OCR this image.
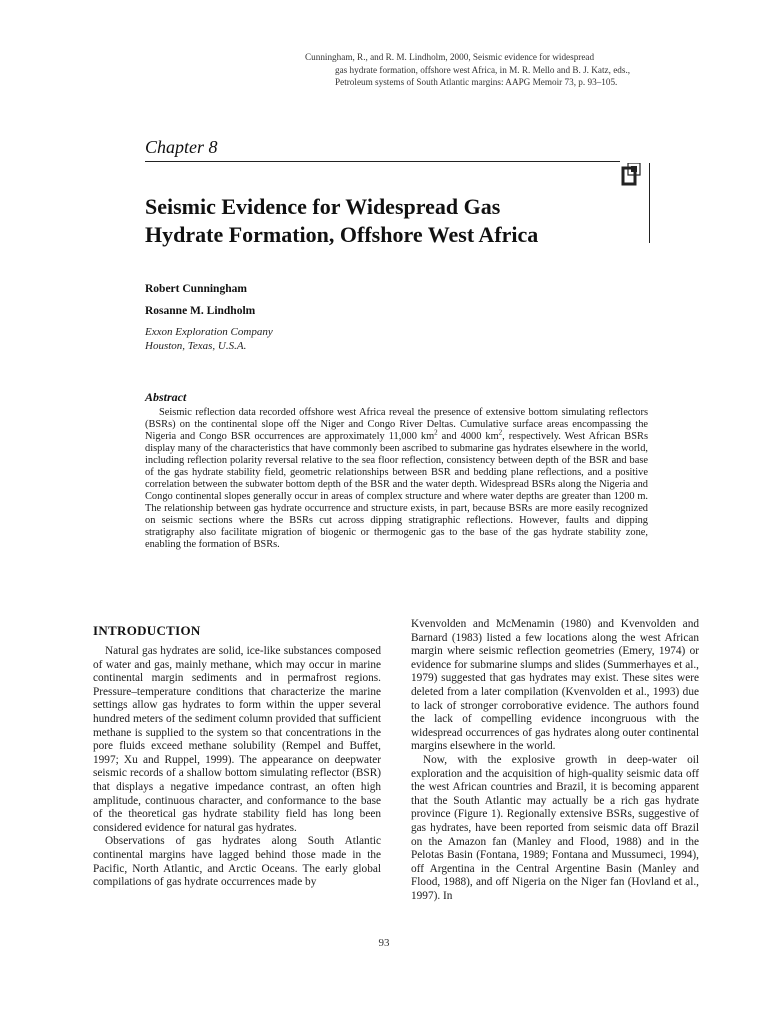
Cunningham, R., and R. M. Lindholm, 2000, Seismic evidence for widespread
gas hydrate formation, offshore west Africa, in M. R. Mello and B. J. Katz, eds.,
Petroleum systems of South Atlantic margins: AAPG Memoir 73, p. 93–105.
Chapter 8
Seismic Evidence for Widespread Gas
Hydrate Formation, Offshore West Africa
Robert Cunningham
Rosanne M. Lindholm
Exxon Exploration Company
Houston, Texas, U.S.A.
Abstract
Seismic reflection data recorded offshore west Africa reveal the presence of extensive bottom simulating reflectors (BSRs) on the continental slope off the Niger and Congo River Deltas. Cumulative surface areas encompassing the Nigeria and Congo BSR occurrences are approximately 11,000 $km^2$ and 4000 $km^2$, respectively. West African BSRs display many of the characteristics that have commonly been ascribed to submarine gas hydrates elsewhere in the world, including reflection polarity reversal relative to the sea floor reflection, consistency between depth of the BSR and base of the gas hydrate stability field, geometric relationships between BSR and bedding plane reflections, and a positive correlation between the subwater bottom depth of the BSR and the water depth. Widespread BSRs along the Nigeria and Congo continental slopes generally occur in areas of complex structure and where water depths are greater than 1200 m. The relationship between gas hydrate occurrence and structure exists, in part, because BSRs are more easily recognized on seismic sections where the BSRs cut across dipping stratigraphic reflections. However, faults and dipping stratigraphy also facilitate migration of biogenic or thermogenic gas to the base of the gas hydrate stability zone, enabling the formation of BSRs.
INTRODUCTION

Natural gas hydrates are solid, ice-like substances composed of water and gas, mainly methane, which may occur in marine continental margin sediments and in permafrost regions. Pressure–temperature conditions that characterize the marine settings allow gas hydrates to form within the upper several hundred meters of the sediment column provided that sufficient methane is supplied to the system so that concentrations in the pore fluids exceed methane solubility (Rempel and Buffet, 1997; Xu and Ruppel, 1999). The appearance on deepwater seismic records of a shallow bottom simulating reflector (BSR) that displays a negative impedance contrast, an often high amplitude, continuous character, and conformance to the base of the theoretical gas hydrate stability field has long been considered evidence for natural gas hydrates.

Observations of gas hydrates along South Atlantic continental margins have lagged behind those made in the Pacific, North Atlantic, and Arctic Oceans. The early global compilations of gas hydrate occurrences made by

Kvenvolden and McMenamin (1980) and Kvenvolden and Barnard (1983) listed a few locations along the west African margin where seismic reflection geometries (Emery, 1974) or evidence for submarine slumps and slides (Summerhayes et al., 1979) suggested that gas hydrates may exist. These sites were deleted from a later compilation (Kvenvolden et al., 1993) due to lack of stronger corroborative evidence. The authors found the lack of compelling evidence incongruous with the widespread occurrences of gas hydrates along outer continental margins elsewhere in the world.

Now, with the explosive growth in deep-water oil exploration and the acquisition of high-quality seismic data off the west African countries and Brazil, it is becoming apparent that the South Atlantic may actually be a rich gas hydrate province (Figure 1). Regionally extensive BSRs, suggestive of gas hydrates, have been reported from seismic data off Brazil on the Amazon fan (Manley and Flood, 1988) and in the Pelotas Basin (Fontana, 1989; Fontana and Mussumeci, 1994), off Argentina in the Central Argentine Basin (Manley and Flood, 1988), and off Nigeria on the Niger fan (Hovland et al., 1997). In

93
